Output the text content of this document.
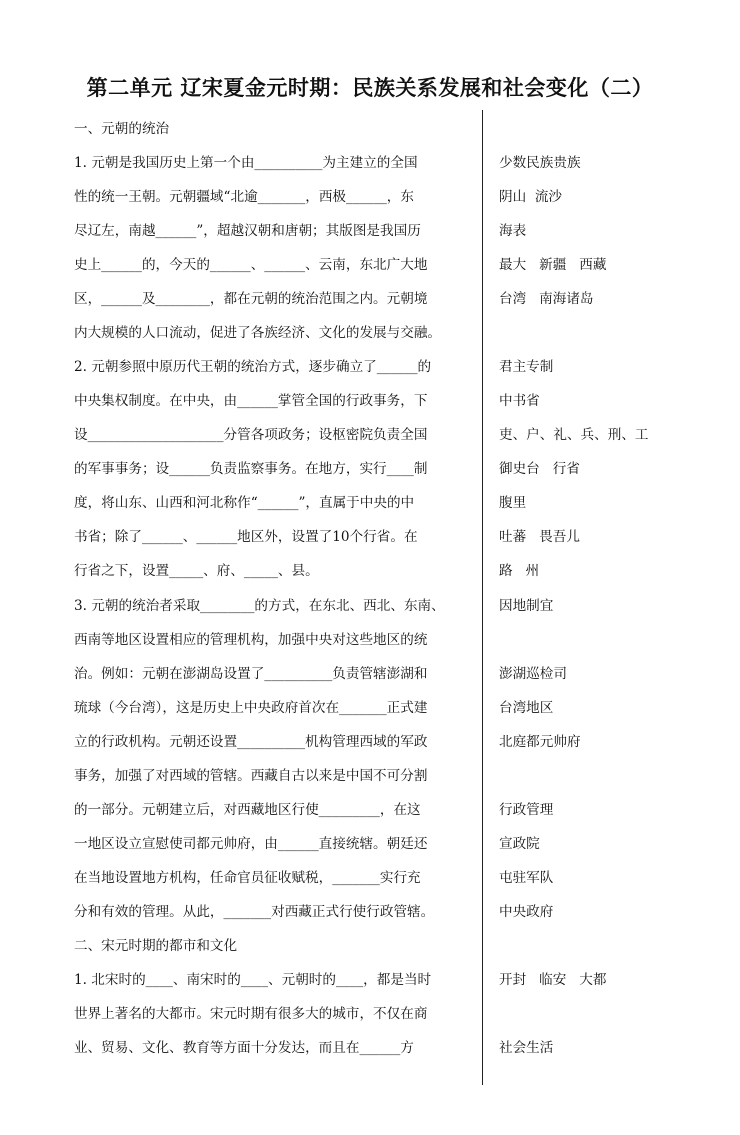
第二单元 辽宋夏金元时期：民族关系发展和社会变化（二）
一、元朝的统治
1. 元朝是我国历史上第一个由__________为主建立的全国
性的统一王朝。元朝疆域“北逾_______，西极______，东
尽辽左，南越______”，超越汉朝和唐朝；其版图是我国历
史上______的，今天的______、______、云南，东北广大地
区，______及________，都在元朝的统治范围之内。元朝境
内大规模的人口流动，促进了各族经济、文化的发展与交融。
2. 元朝参照中原历代王朝的统治方式，逐步确立了______的
中央集权制度。在中央，由______掌管全国的行政事务，下
设____________________分管各项政务；设枢密院负责全国
的军事事务；设______负责监察事务。在地方，实行____制
度，将山东、山西和河北称作“______”，直属于中央的中
书省；除了______、______地区外，设置了10个行省。在
行省之下，设置_____、府、_____、县。
3. 元朝的统治者采取________的方式，在东北、西北、东南、
西南等地区设置相应的管理机构，加强中央对这些地区的统
治。例如：元朝在澎湖岛设置了__________负责管辖澎湖和
琉球（今台湾），这是历史上中央政府首次在_______正式建
立的行政机构。元朝还设置__________机构管理西域的军政
事务，加强了对西域的管辖。西藏自古以来是中国不可分割
的一部分。元朝建立后，对西藏地区行使_________，在这
一地区设立宣慰使司都元帅府，由______直接统辖。朝廷还
在当地设置地方机构，任命官员征收赋税，_______实行充
分和有效的管理。从此，_______对西藏正式行使行政管辖。
二、宋元时期的都市和文化
1. 北宋时的____、南宋时的____、元朝时的____，都是当时
世界上著名的大都市。宋元时期有很多大的城市，不仅在商
业、贸易、文化、教育等方面十分发达，而且在______方
少数民族贵族
阴山  流沙
海表
最大   新疆   西藏
台湾   南海诸岛
君主专制
中书省
吏、户、礼、兵、刑、工
御史台   行省
腹里
吐蕃   畏吾儿
路   州
因地制宜
澎湖巡检司
台湾地区
北庭都元帅府
行政管理
宣政院
屯驻军队
中央政府
开封   临安   大都
社会生活
